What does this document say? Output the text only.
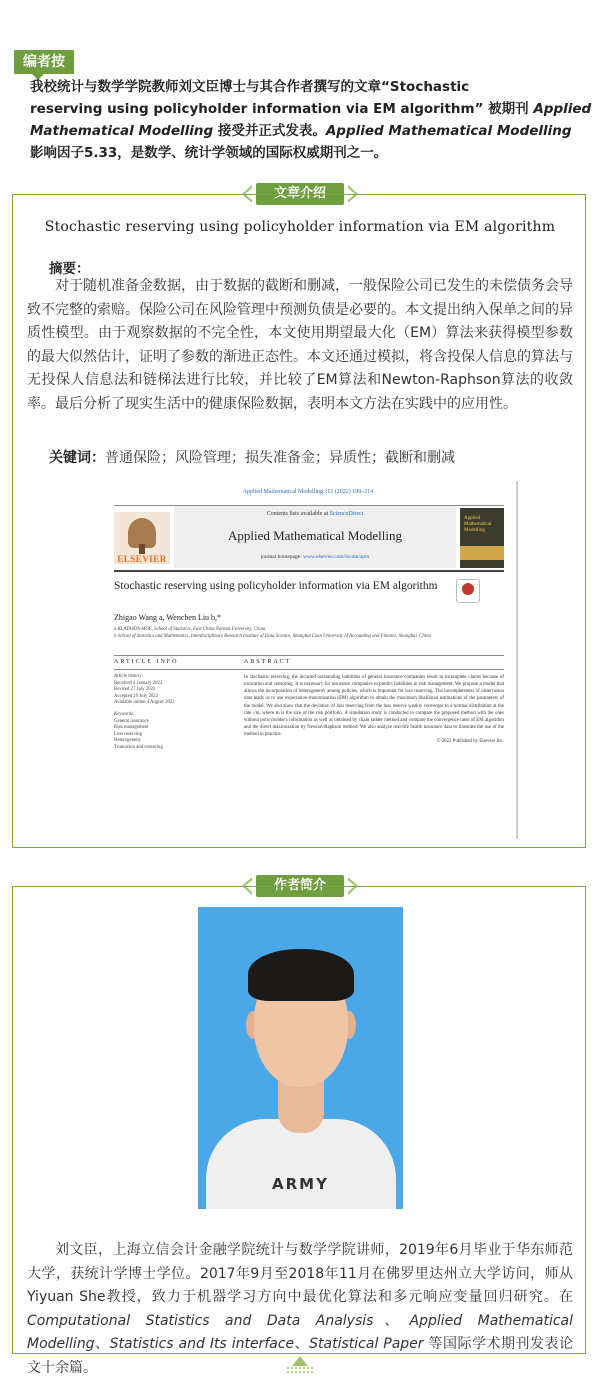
编者按
我校统计与数学学院教师刘文臣博士与其合作者撰写的文章“Stochastic
reserving using policyholder information via EM algorithm” 被期刊 Applied
Mathematical Modelling 接受并正式发表。Applied Mathematical Modelling
影响因子5.33，是数学、统计学领域的国际权威期刊之一。
文章介绍
Stochastic reserving using policyholder information via EM algorithm
摘要：
对于随机准备金数据，由于数据的截断和删减，一般保险公司已发生的未偿债务会导致不完整的索赔。保险公司在风险管理中预测负债是必要的。本文提出纳入保单之间的异质性模型。由于观察数据的不完全性，本文使用期望最大化（EM）算法来获得模型参数的最大似然估计，证明了参数的渐进正态性。本文还通过模拟，将含投保人信息的算法与无投保人信息法和链梯法进行比较，并比较了EM算法和Newton-Raphson算法的收敛率。最后分析了现实生活中的健康保险数据，表明本文方法在实践中的应用性。
关键词：普通保险；风险管理；损失准备金；异质性；截断和删减
Applied Mathematical Modelling 112 (2022) 199–214
ELSEVIER
Contents lists available at ScienceDirect
Applied Mathematical Modelling
journal homepage: www.elsevier.com/locate/apm
Applied Mathematical Modelling
Stochastic reserving using policyholder information via EM algorithm
Zhigao Wang a, Wenchen Liu b,*
a KLATASDS-MOE, School of Statistics, East China Normal University, China
b School of Statistics and Mathematics, Interdisciplinary Research Institute of Data Science, Shanghai Lixin University of Accounting and Finance, Shanghai, China
ARTICLE INFO	ABSTRACT
Article history:
Received 4 January 2022
Revised 27 July 2022
Accepted 29 July 2022
Available online 4 August 2022
Keywords:
General insurance
Risk management
Loss reserving
Heterogeneity
Truncation and censoring
In stochastic reserving, the incurred outstanding liabilities of general insurance companies result in incomplete claims because of truncation and censoring. It is necessary for insurance companies to predict liabilities in risk management. We propose a model that allows the incorporation of heterogeneity among policies, which is important for loss reserving. The incompleteness of observation data leads us to use expectation-maximization (EM) algorithm to obtain the maximum likelihood estimations of the parameters of the model. We also show that the deviation of loss reserving from the loss reserve weakly converges to a normal distribution at the rate √m, where m is the size of the risk portfolio. A simulation study is conducted to compare the proposed method with the ones without policyholder's information as well as obtained by chain ladder method and compare the convergence rates of EM algorithm and the direct maximization by Newton-Raphson method. We also analyze real-life health insurance data to illustrate the use of the method in practice.
© 2022 Published by Elsevier Inc.
作者简介
ARMY
刘文臣，上海立信会计金融学院统计与数学学院讲师，2019年6月毕业于华东师范大学，获统计学博士学位。2017年9月至2018年11月在佛罗里达州立大学访问，师从Yiyuan She教授，致力于机器学习方向中最优化算法和多元响应变量回归研究。在Computational Statistics and Data Analysis、Applied Mathematical Modelling、Statistics and Its interface、Statistical Paper 等国际学术期刊发表论文十余篇。
